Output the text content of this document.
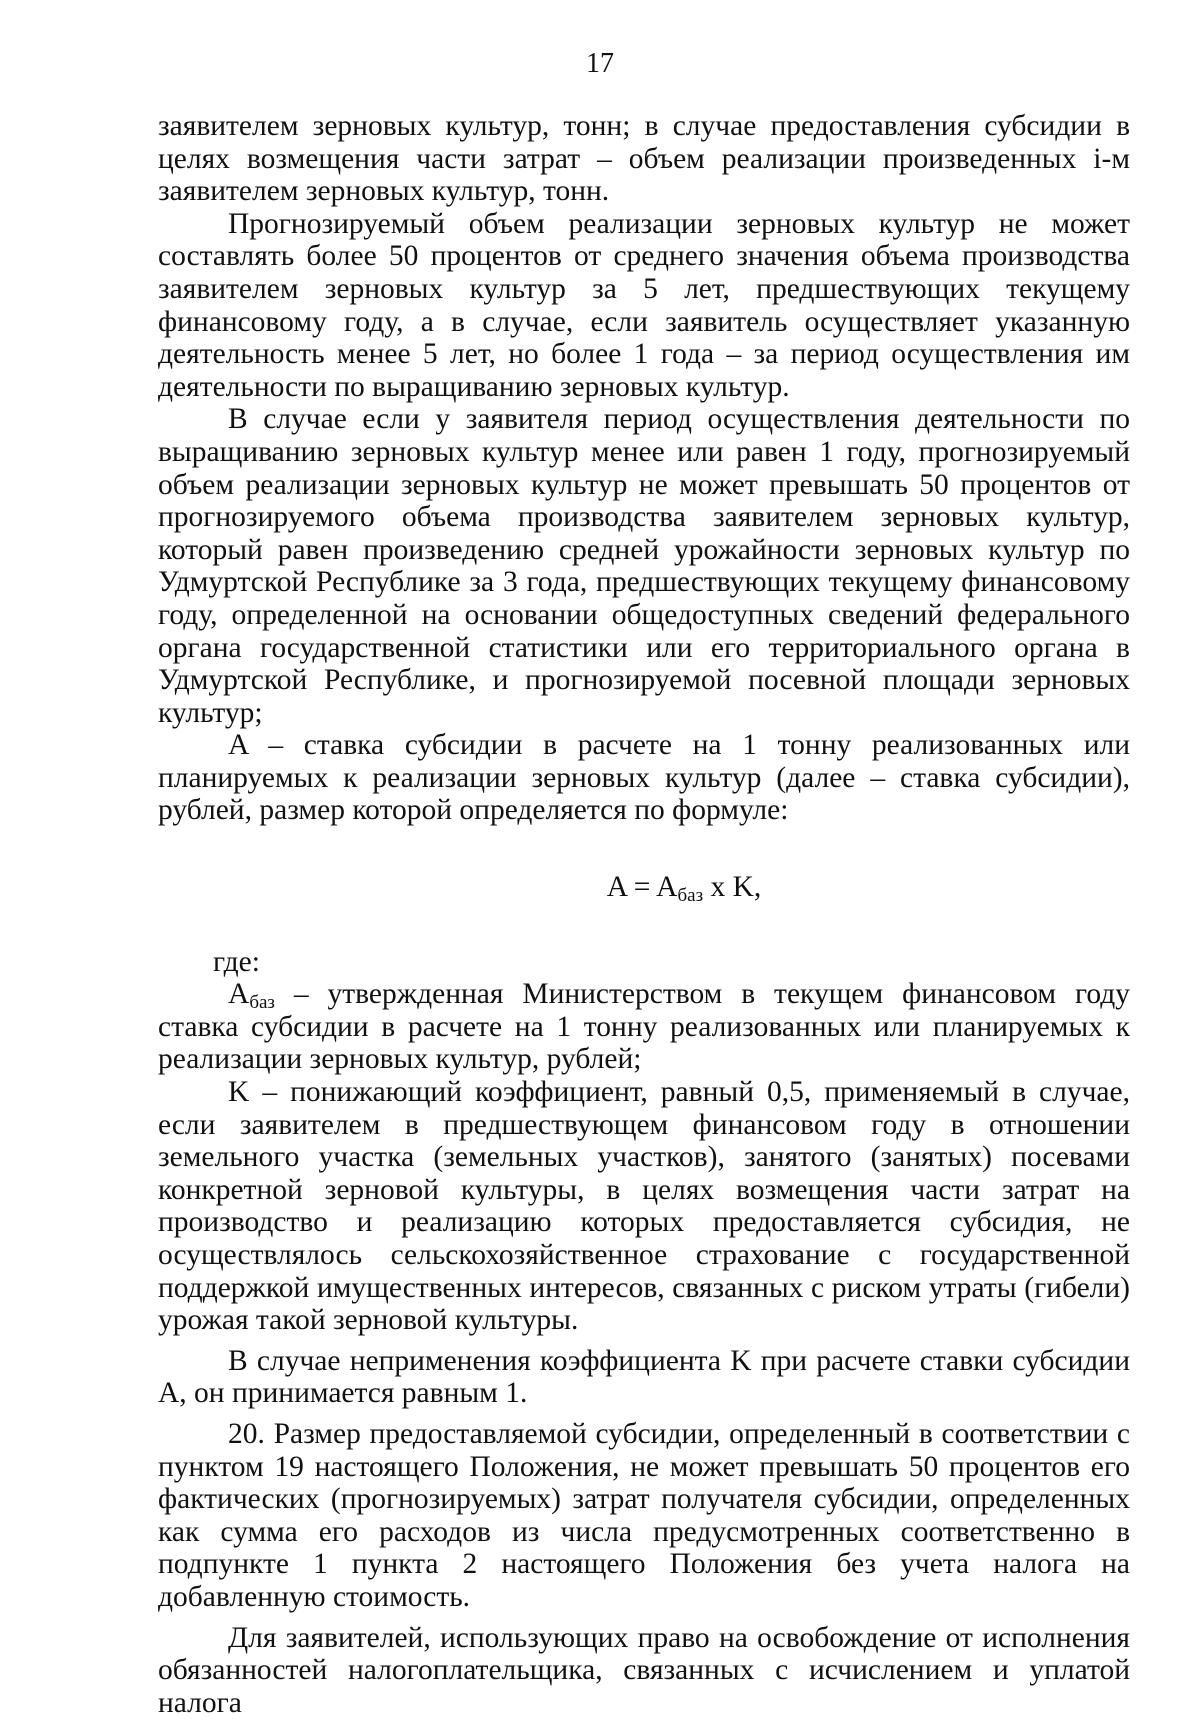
17

заявителем зерновых культур, тонн; в случае предоставления субсидии в целях возмещения части затрат – объем реализации произведенных i-м заявителем зерновых культур, тонн.

Прогнозируемый объем реализации зерновых культур не может составлять более 50 процентов от среднего значения объема производства заявителем зерновых культур за 5 лет, предшествующих текущему финансовому году, а в случае, если заявитель осуществляет указанную деятельность менее 5 лет, но более 1 года – за период осуществления им деятельности по выращиванию зерновых культур.

В случае если у заявителя период осуществления деятельности по выращиванию зерновых культур менее или равен 1 году, прогнозируемый объем реализации зерновых культур не может превышать 50 процентов от прогнозируемого объема производства заявителем зерновых культур, который равен произведению средней урожайности зерновых культур по Удмуртской Республике за 3 года, предшествующих текущему финансовому году, определенной на основании общедоступных сведений федерального органа государственной статистики или его территориального органа в Удмуртской Республике, и прогнозируемой посевной площади зерновых культур;

A – ставка субсидии в расчете на 1 тонну реализованных или планируемых к реализации зерновых культур (далее – ставка субсидии), рублей, размер которой определяется по формуле:

$A = A_{баз}$ x K,

где:

$A_{баз}$ – утвержденная Министерством в текущем финансовом году ставка субсидии в расчете на 1 тонну реализованных или планируемых к реализации зерновых культур, рублей;

K – понижающий коэффициент, равный 0,5, применяемый в случае, если заявителем в предшествующем финансовом году в отношении земельного участка (земельных участков), занятого (занятых) посевами конкретной зерновой культуры, в целях возмещения части затрат на производство и реализацию которых предоставляется субсидия, не осуществлялось сельскохозяйственное страхование с государственной поддержкой имущественных интересов, связанных с риском утраты (гибели) урожая такой зерновой культуры.

В случае неприменения коэффициента K при расчете ставки субсидии A, он принимается равным 1.

20. Размер предоставляемой субсидии, определенный в соответствии с пунктом 19 настоящего Положения, не может превышать 50 процентов его фактических (прогнозируемых) затрат получателя субсидии, определенных как сумма его расходов из числа предусмотренных соответственно в подпункте 1 пункта 2 настоящего Положения без учета налога на добавленную стоимость.

Для заявителей, использующих право на освобождение от исполнения обязанностей налогоплательщика, связанных с исчислением и уплатой налога
